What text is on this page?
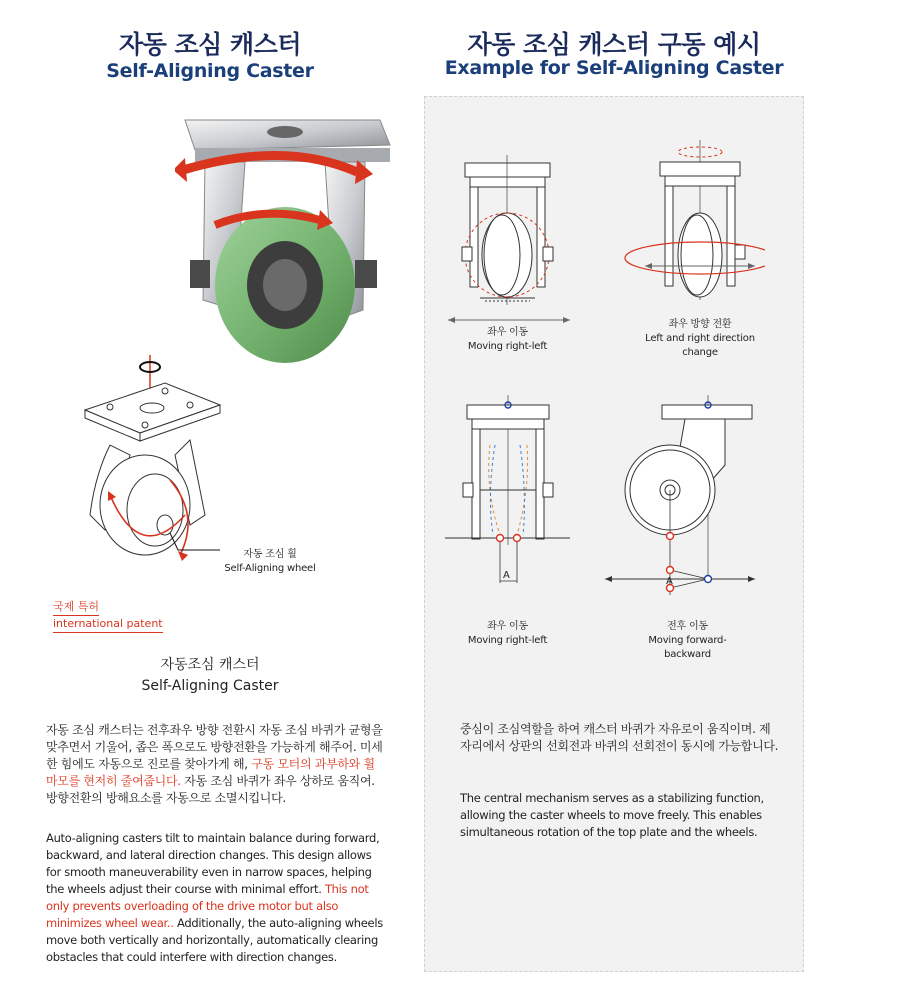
자동 조심 캐스터
Self-Aligning Caster
자동 조심 휠
Self-Aligning wheel
국제 특허
international patent
자동조심 캐스터
Self-Aligning Caster
자동 조심 캐스터는 전후좌우 방향 전환시 자동 조심 바퀴가 균형을 맞추면서 기울어, 좁은 폭으로도 방향전환을 가능하게 해주어. 미세한 힘에도 자동으로 진로를 찾아가게 해, 구동 모터의 과부하와 휠 마모를 현저히 줄여줍니다. 자동 조심 바퀴가 좌우 상하로 움직여. 방향전환의 방해요소를 자동으로 소멸시킵니다.
Auto-aligning casters tilt to maintain balance during forward, backward, and lateral direction changes. This design allows for smooth maneuverability even in narrow spaces, helping the wheels adjust their course with minimal effort. This not only prevents overloading of the drive motor but also minimizes wheel wear.. Additionally, the auto-aligning wheels move both vertically and horizontally, automatically clearing obstacles that could interfere with direction changes.
자동 조심 캐스터 구동 예시
Example for Self-Aligning Caster
좌우 이동
Moving right-left
좌우 방향 전환
Left and right direction change
A
좌우 이동
Moving right-left
A
전후 이동
Moving forward-backward
중심이 조심역할을 하여 캐스터 바퀴가 자유로이 움직이며. 제자리에서 상판의 선회전과 바퀴의 선회전이 동시에 가능합니다.
The central mechanism serves as a stabilizing function, allowing the caster wheels to move freely. This enables simultaneous rotation of the top plate and the wheels.
